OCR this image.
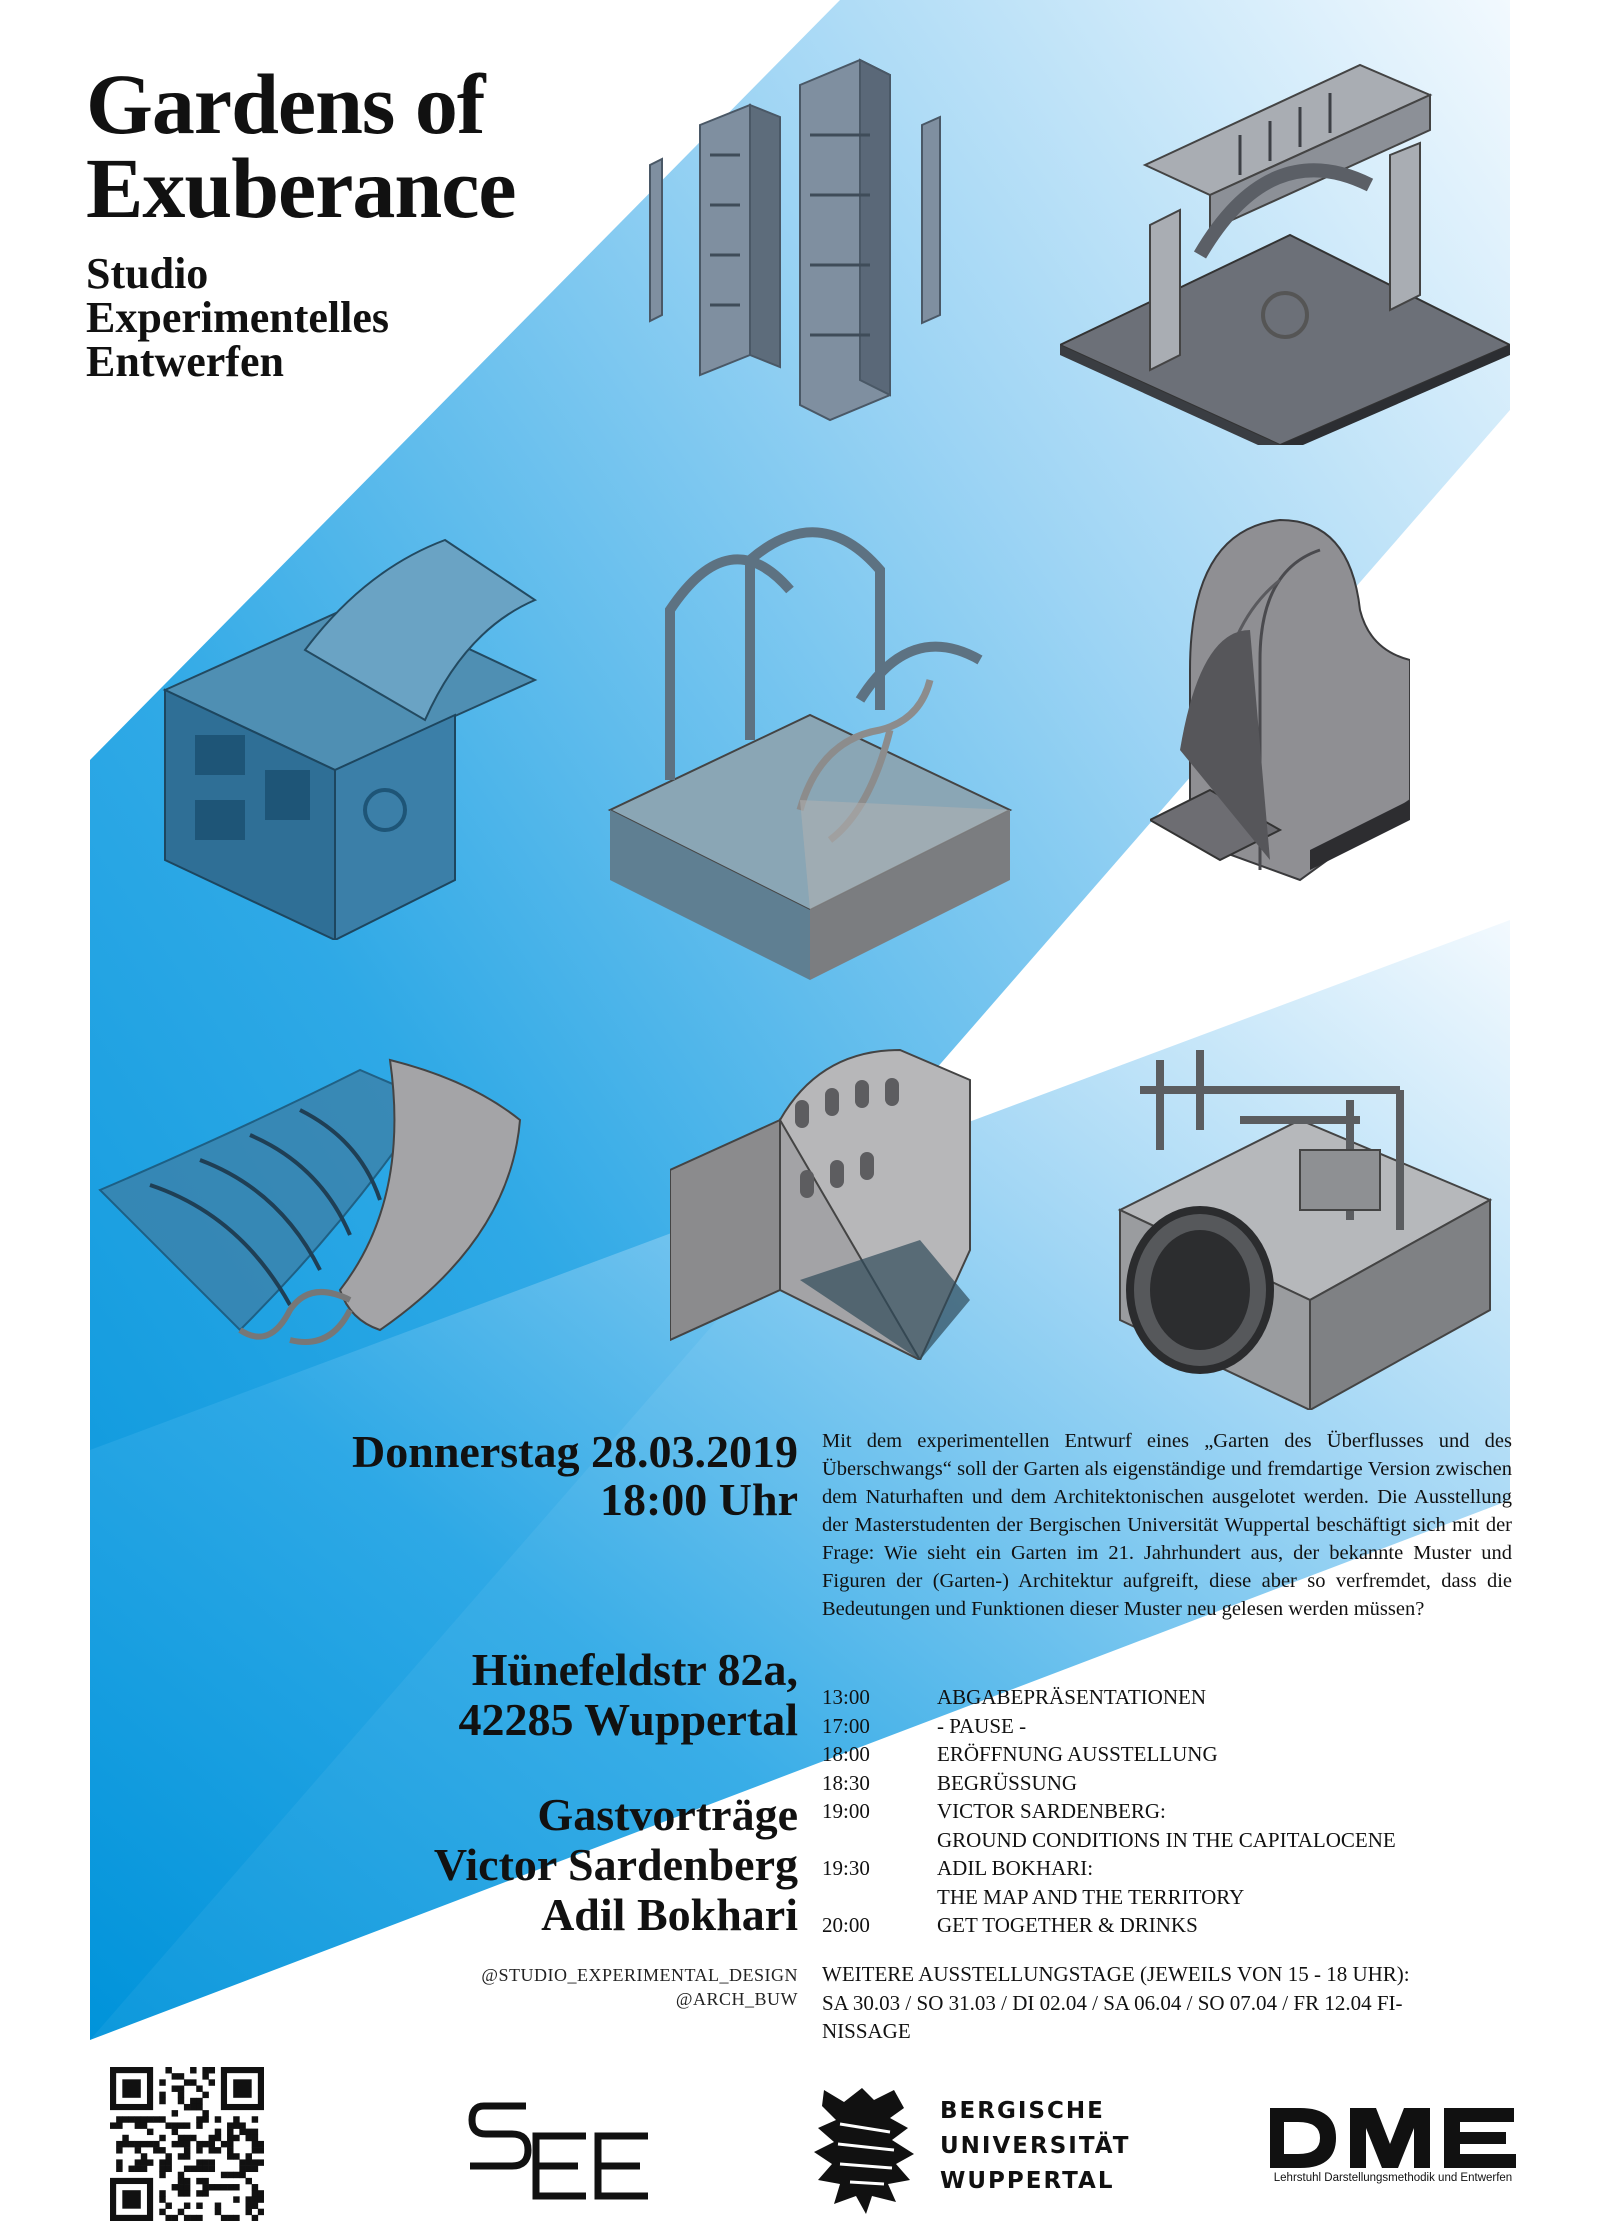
Gardens of
Exuberance
Studio
Experimentelles
Entwerfen
Donnerstag 28.03.2019
18:00 Uhr
Hünefeldstr 82a,
42285 Wuppertal
Gastvorträge
Victor Sardenberg
Adil Bokhari
@STUDIO_EXPERIMENTAL_DESIGN
@ARCH_BUW

Mit dem experimentellen Entwurf eines „Garten des Überflusses und des Überschwangs“ soll der Garten als eigenständige und fremdartige Version zwischen dem Naturhaften und dem Architektonischen ausgelotet werden. Die Ausstellung der Masterstudenten der Bergischen Universität Wuppertal beschäftigt sich mit der Frage: Wie sieht ein Garten im 21. Jahrhundert aus, der bekannte Muster und Figuren der (Garten-) Architektur aufgreift, diese aber so verfremdet, dass die Bedeutungen und Funktionen dieser Muster neu gelesen werden müssen?

13:00	ABGABEPRÄSENTATIONEN
17:00	- PAUSE -
18:00	ERÖFFNUNG AUSSTELLUNG
18:30	BEGRÜSSUNG
19:00	VICTOR SARDENBERG:
GROUND CONDITIONS IN THE CAPITALOCENE
19:30	ADIL BOKHARI:
THE MAP AND THE TERRITORY
20:00	GET TOGETHER & DRINKS
WEITERE AUSSTELLUNGSTAGE (JEWEILS VON 15 - 18 UHR):
SA 30.03 / SO 31.03 / DI 02.04 / SA 06.04 / SO 07.04 / FR 12.04 FI-
NISSAGE
BERGISCHE
UNIVERSITÄT
WUPPERTAL	Lehrstuhl Darstellungsmethodik und Entwerfen
